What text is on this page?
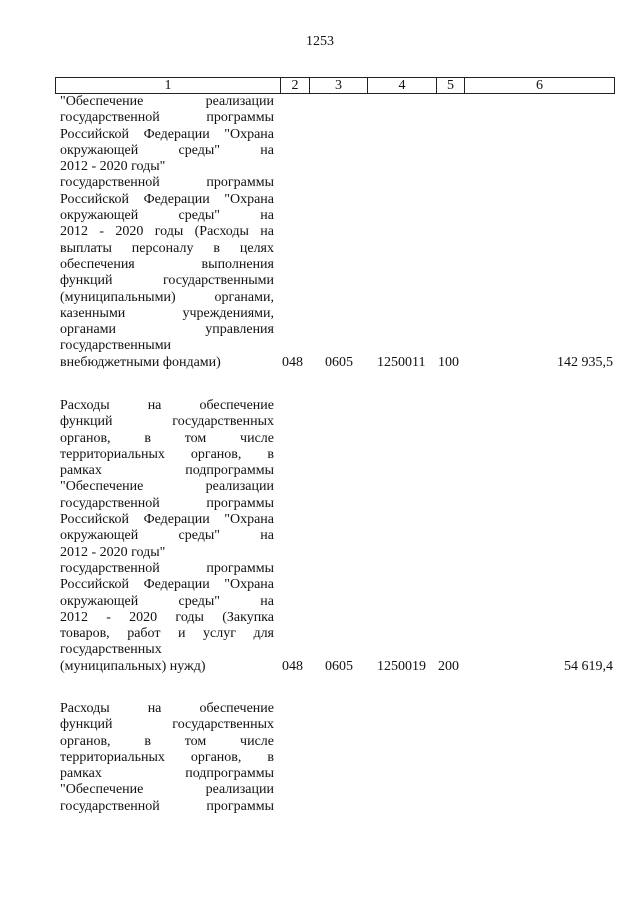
1253
1	2	3	4	5	6
"Обеспечение реализации
государственной программы
Российской Федерации "Охрана
окружающей среды" на
2012 - 2020 годы"
государственной программы
Российской Федерации "Охрана
окружающей среды" на
2012 - 2020 годы (Расходы на
выплаты персоналу в целях
обеспечения выполнения
функций государственными
(муниципальными) органами,
казенными учреждениями,
органами управления
государственными
внебюджетными фондами)	048 0605 1250011 100	142 935,5
Расходы на обеспечение
функций государственных
органов, в том числе
территориальных органов, в
рамках подпрограммы
"Обеспечение реализации
государственной программы
Российской Федерации "Охрана
окружающей среды" на
2012 - 2020 годы"
государственной программы
Российской Федерации "Охрана
окружающей среды" на
2012 - 2020 годы (Закупка
товаров, работ и услуг для
государственных
(муниципальных) нужд)	048 0605 1250019 200	54 619,4
Расходы на обеспечение
функций государственных
органов, в том числе
территориальных органов, в
рамках подпрограммы
"Обеспечение реализации
государственной программы
